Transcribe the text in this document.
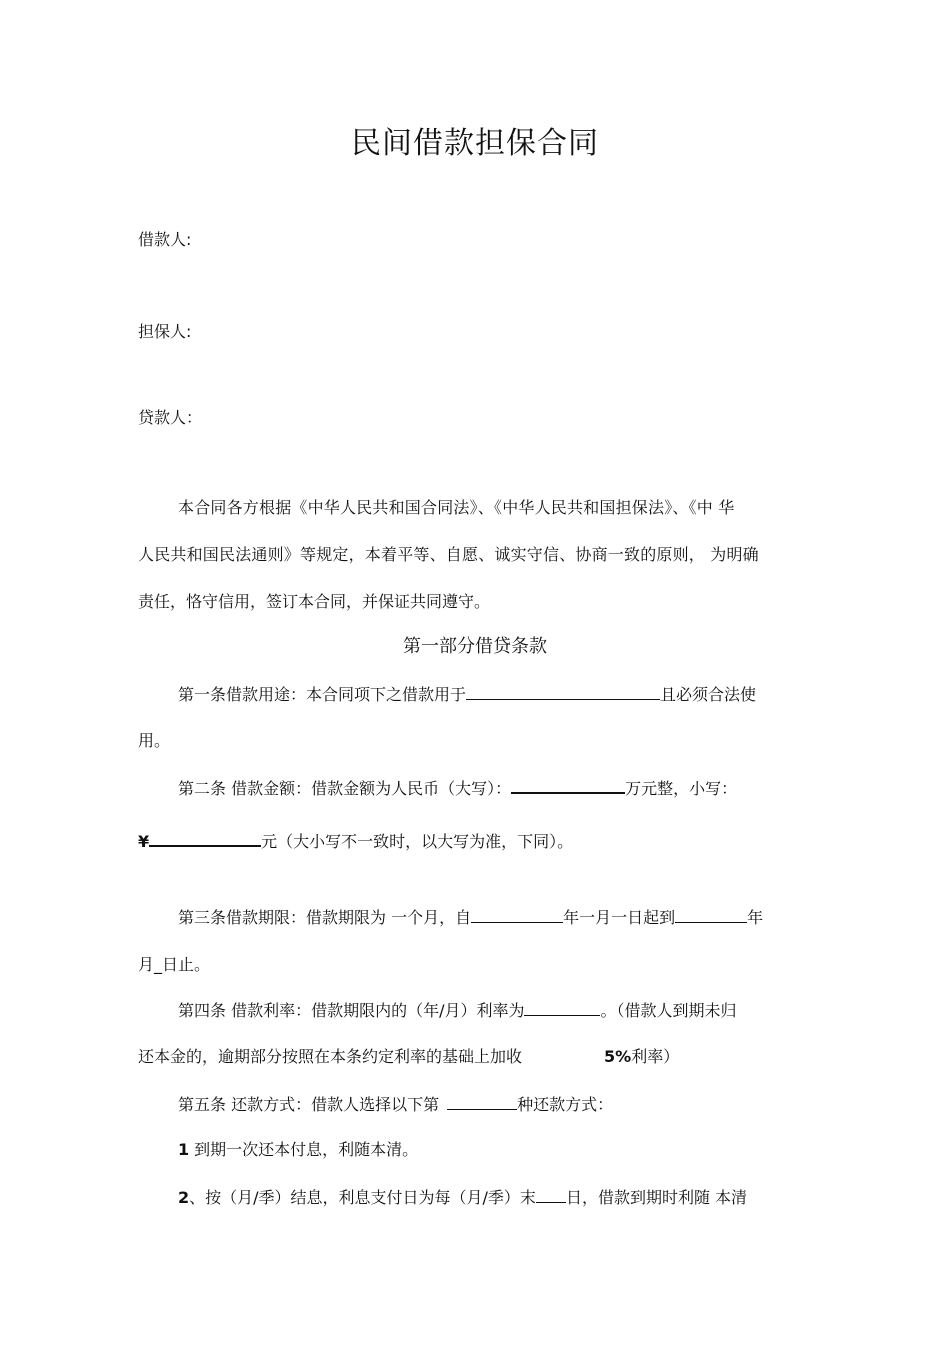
民间借款担保合同
借款人:
担保人:
贷款人：
本合同各方根据《中华人民共和国合同法》、《中华人民共和国担保法》、《中 华
人民共和国民法通则》等规定，本着平等、自愿、诚实守信、协商一致的原则， 为明确
责任，恪守信用，签订本合同，并保证共同遵守。
第一部分借贷条款
第一条借款用途：本合同项下之借款用于	且必须合法使
用。
第二条 借款金额：借款金额为人民币（大写）：	万元整，小写：
¥	元（大小写不一致时，以大写为准，下同）。
第三条借款期限：借款期限为 一个月，自	年一月一日起到	年
月_日止。
第四条 借款利率：借款期限内的（年/月）利率为	。（借款人到期未归
还本金的，逾期部分按照在本条约定利率的基础上加收	5%利率）
第五条 还款方式：借款人选择以下第	种还款方式：
1 到期一次还本付息，利随本清。
2、按（月/季）结息，利息支付日为每（月/季）末 日，借款到期时利随 本清
